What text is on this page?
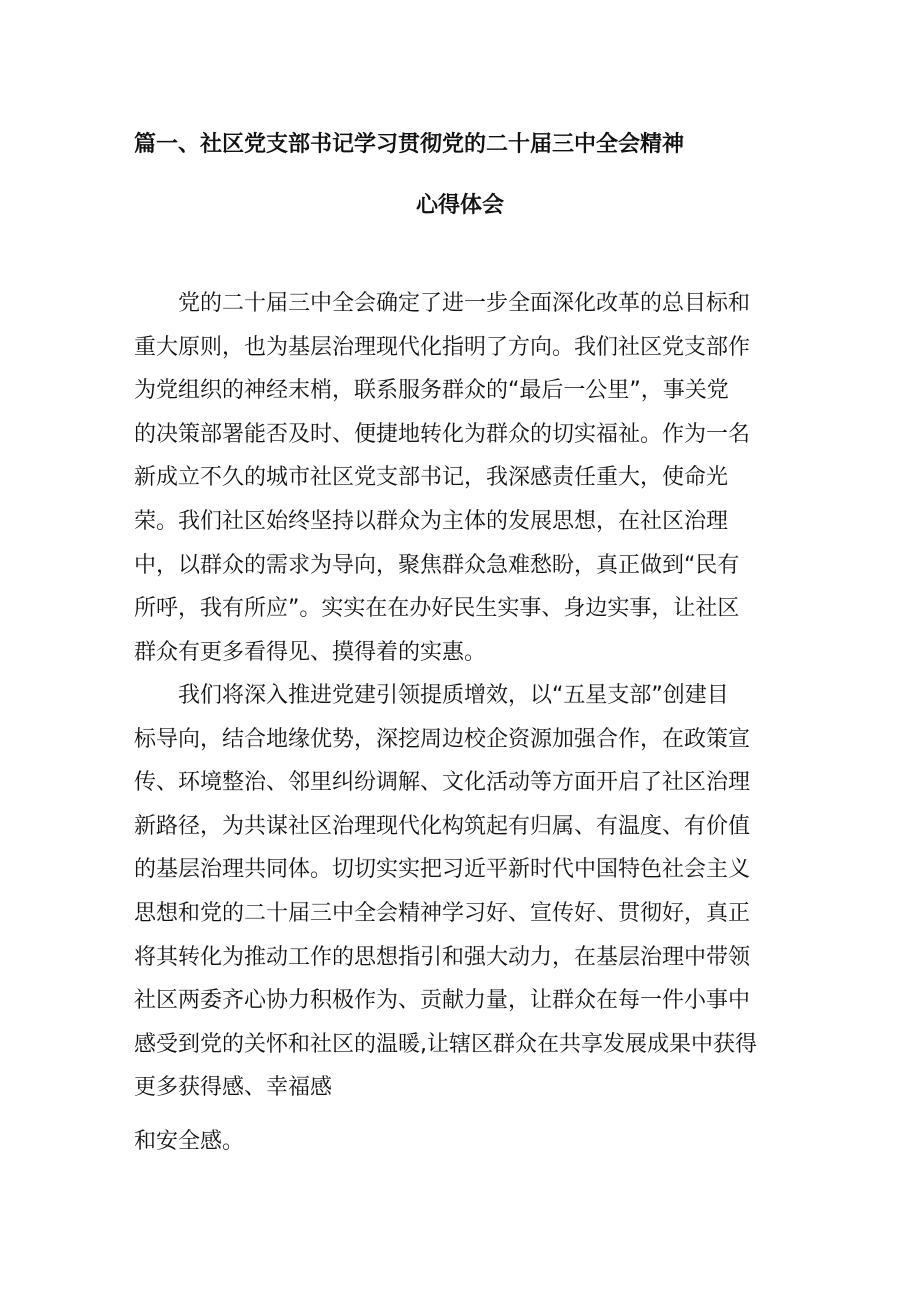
篇一、社区党支部书记学习贯彻党的二十届三中全会精神
心得体会
党的二十届三中全会确定了进一步全面深化改革的总目标和
重大原则，也为基层治理现代化指明了方向。我们社区党支部作
为党组织的神经末梢，联系服务群众的“最后一公里”，事关党
的决策部署能否及时、便捷地转化为群众的切实福祉。作为一名
新成立不久的城市社区党支部书记，我深感责任重大，使命光
荣。我们社区始终坚持以群众为主体的发展思想，在社区治理
中，以群众的需求为导向，聚焦群众急难愁盼，真正做到“民有
所呼，我有所应”。实实在在办好民生实事、身边实事，让社区
群众有更多看得见、摸得着的实惠。
我们将深入推进党建引领提质增效，以“五星支部”创建目
标导向，结合地缘优势，深挖周边校企资源加强合作，在政策宣
传、环境整治、邻里纠纷调解、文化活动等方面开启了社区治理
新路径，为共谋社区治理现代化构筑起有归属、有温度、有价值
的基层治理共同体。切切实实把习近平新时代中国特色社会主义
思想和党的二十届三中全会精神学习好、宣传好、贯彻好，真正
将其转化为推动工作的思想指引和强大动力，在基层治理中带领
社区两委齐心协力积极作为、贡献力量，让群众在每一件小事中
感受到党的关怀和社区的温暖,让辖区群众在共享发展成果中获得
更多获得感、幸福感
和安全感。
